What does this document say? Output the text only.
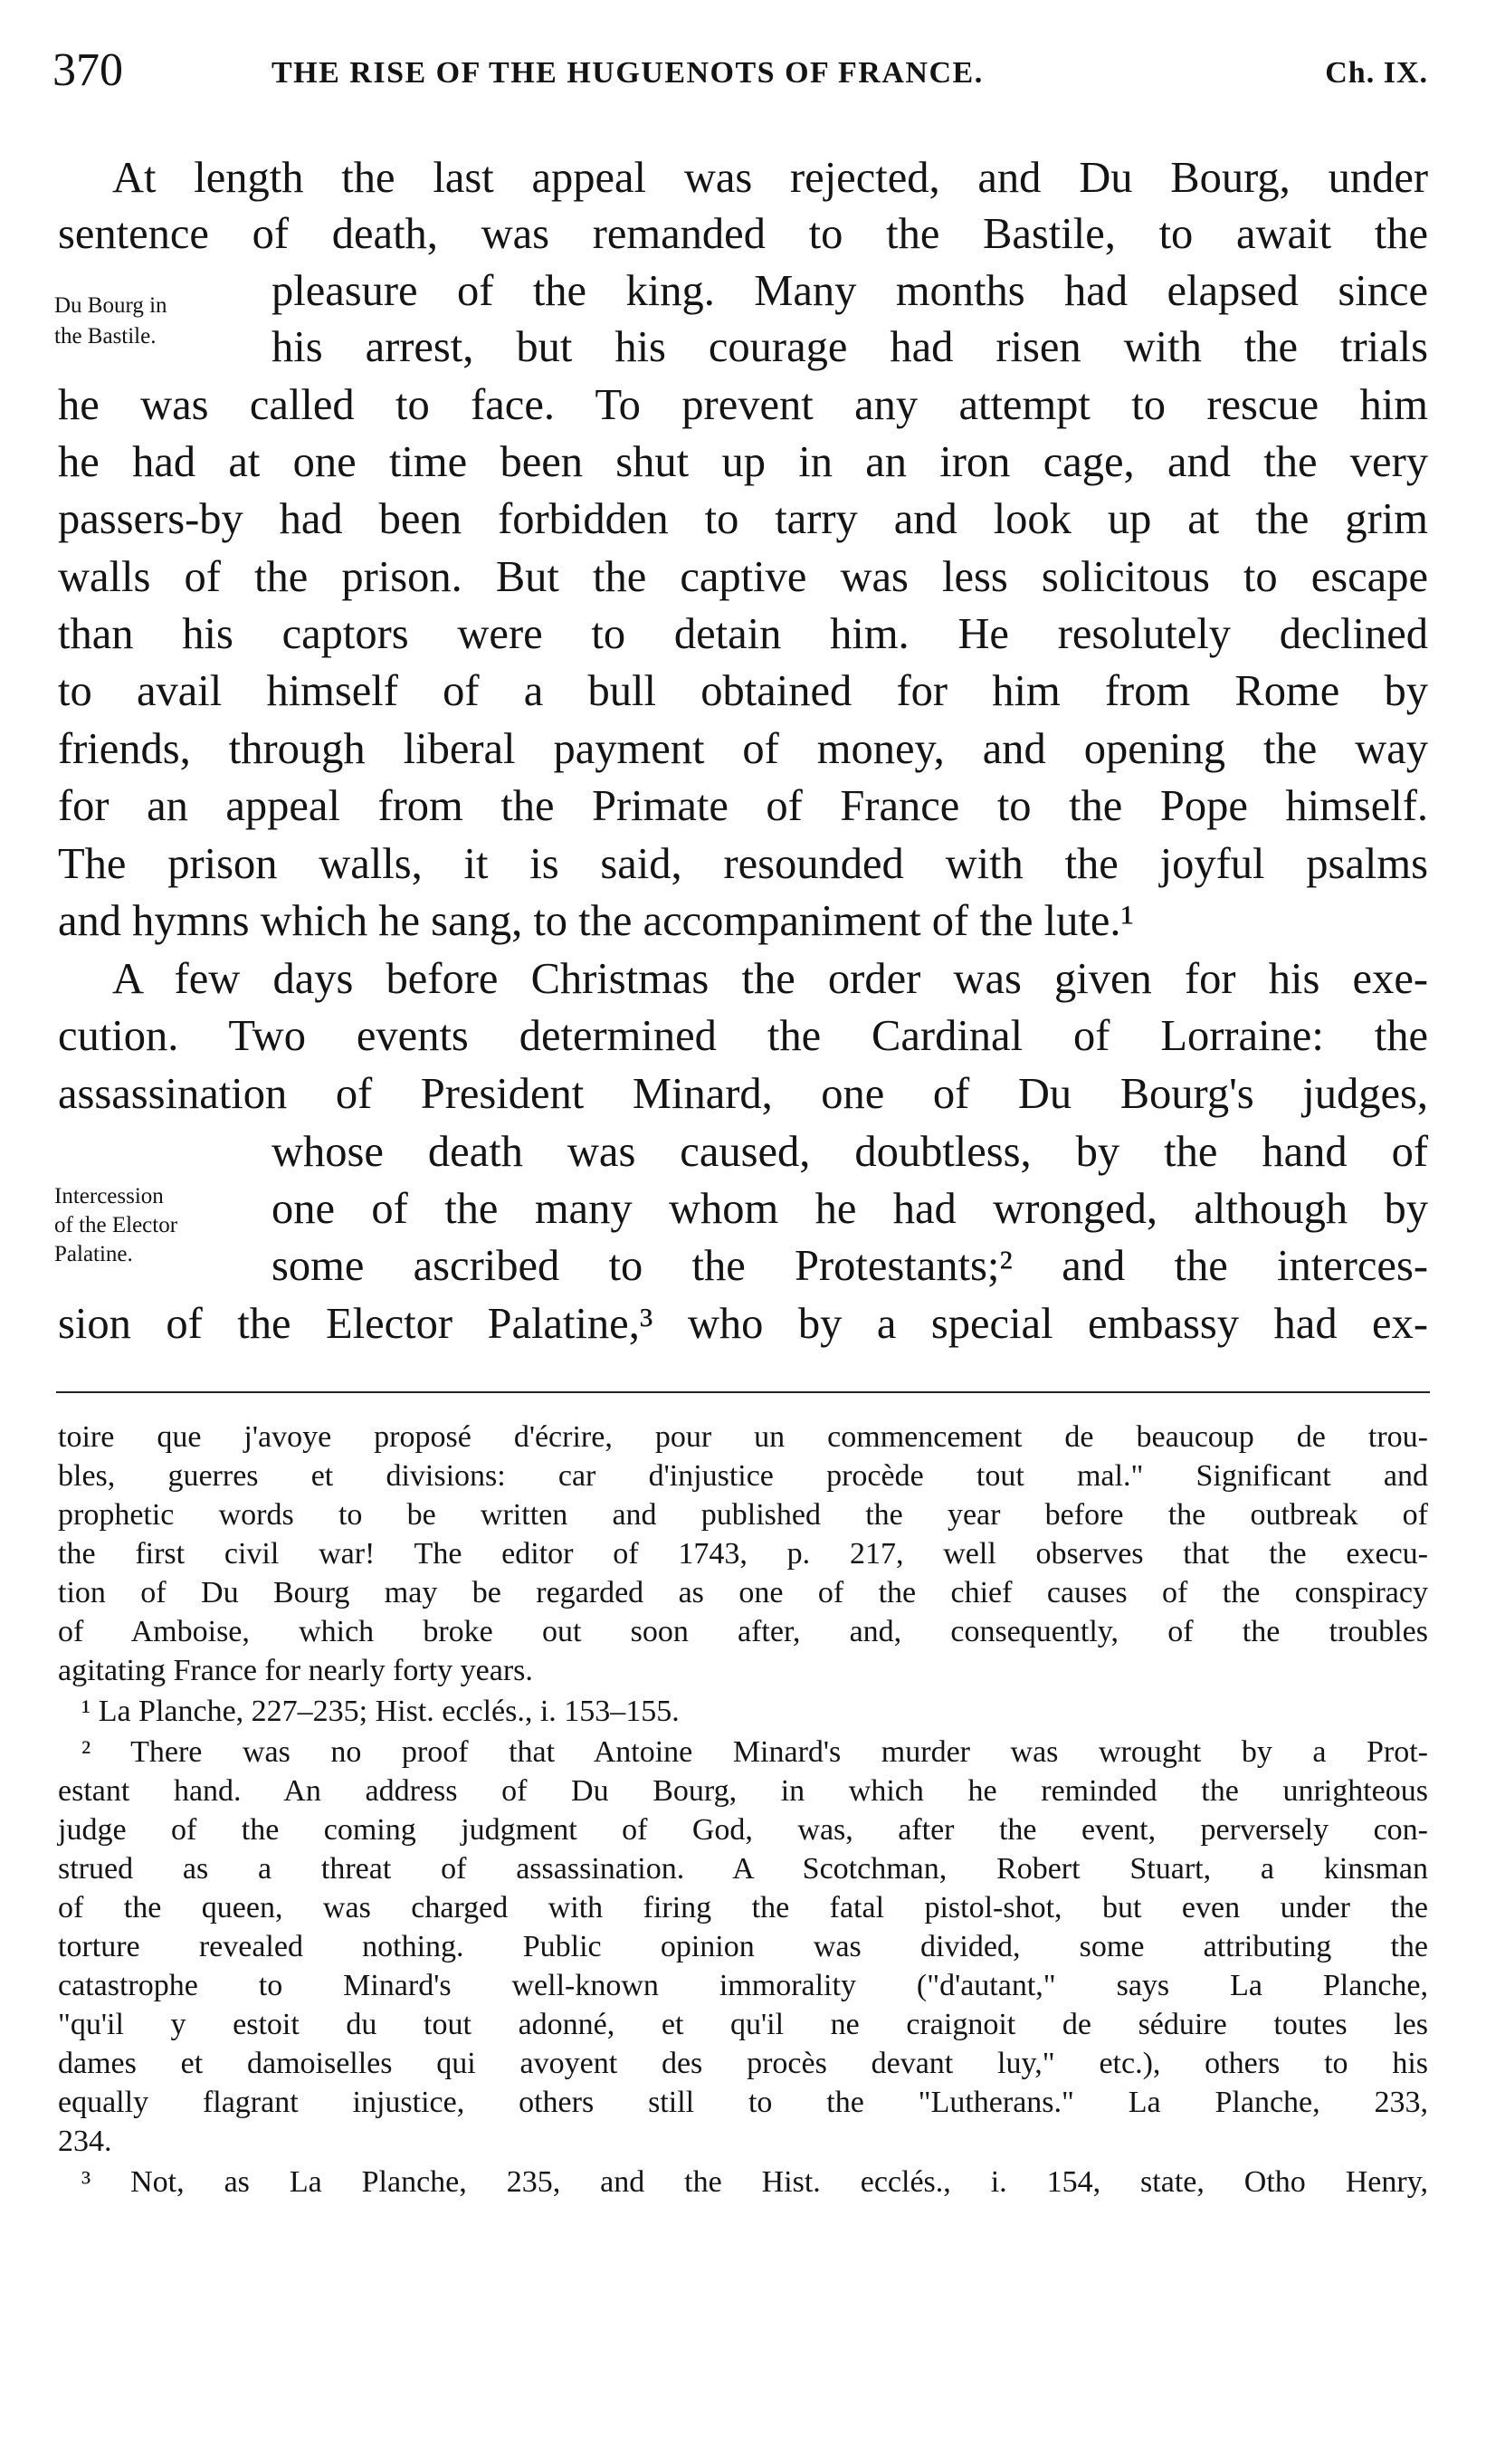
370	THE RISE OF THE HUGUENOTS OF FRANCE.	Ch. IX.
Du Bourg in
the Bastile.
Intercession
of the Elector
Palatine.
At length the last appeal was rejected, and Du Bourg, under
sentence of death, was remanded to the Bastile, to await the
pleasure of the king. Many months had elapsed since
his arrest, but his courage had risen with the trials
he was called to face. To prevent any attempt to rescue him
he had at one time been shut up in an iron cage, and the very
passers-by had been forbidden to tarry and look up at the grim
walls of the prison. But the captive was less solicitous to escape
than his captors were to detain him. He resolutely declined
to avail himself of a bull obtained for him from Rome by
friends, through liberal payment of money, and opening the way
for an appeal from the Primate of France to the Pope himself.
The prison walls, it is said, resounded with the joyful psalms
and hymns which he sang, to the accompaniment of the lute.¹
A few days before Christmas the order was given for his exe-
cution. Two events determined the Cardinal of Lorraine: the
assassination of President Minard, one of Du Bourg's judges,
whose death was caused, doubtless, by the hand of
one of the many whom he had wronged, although by
some ascribed to the Protestants;² and the interces-
sion of the Elector Palatine,³ who by a special embassy had ex-
toire que j'avoye proposé d'écrire, pour un commencement de beaucoup de trou-
bles, guerres et divisions: car d'injustice procède tout mal." Significant and
prophetic words to be written and published the year before the outbreak of
the first civil war! The editor of 1743, p. 217, well observes that the execu-
tion of Du Bourg may be regarded as one of the chief causes of the conspiracy
of Amboise, which broke out soon after, and, consequently, of the troubles
agitating France for nearly forty years.
¹ La Planche, 227–235; Hist. ecclés., i. 153–155.
² There was no proof that Antoine Minard's murder was wrought by a Prot-
estant hand. An address of Du Bourg, in which he reminded the unrighteous
judge of the coming judgment of God, was, after the event, perversely con-
strued as a threat of assassination. A Scotchman, Robert Stuart, a kinsman
of the queen, was charged with firing the fatal pistol-shot, but even under the
torture revealed nothing. Public opinion was divided, some attributing the
catastrophe to Minard's well-known immorality ("d'autant," says La Planche,
"qu'il y estoit du tout adonné, et qu'il ne craignoit de séduire toutes les
dames et damoiselles qui avoyent des procès devant luy," etc.), others to his
equally flagrant injustice, others still to the "Lutherans." La Planche, 233,
234.
³ Not, as La Planche, 235, and the Hist. ecclés., i. 154, state, Otho Henry,
